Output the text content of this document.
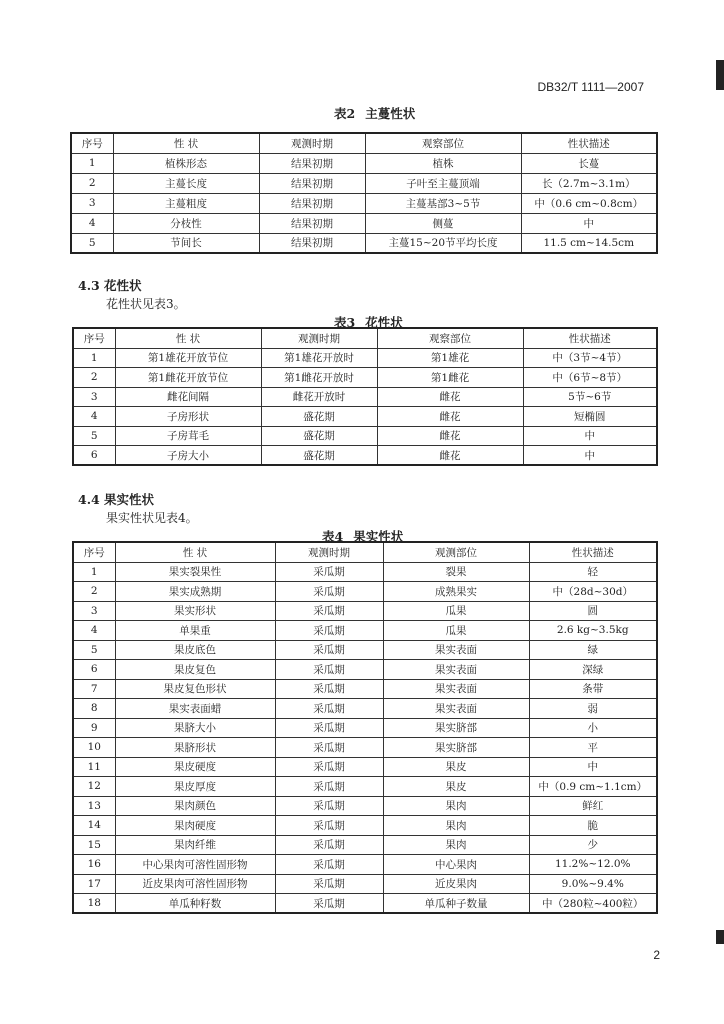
DB32/T 1111—2007
表2 主蔓性状
序号	性 状	观测时期	观察部位	性状描述
1	植株形态	结果初期	植株	长蔓
2	主蔓长度	结果初期	子叶至主蔓顶端	长（2.7m~3.1m）
3	主蔓粗度	结果初期	主蔓基部3~5节	中（0.6 cm~0.8cm）
4	分枝性	结果初期	侧蔓	中
5	节间长	结果初期	主蔓15~20节平均长度	11.5 cm~14.5cm
4.3 花性状
花性状见表3。
表3 花性状
序号	性 状	观测时期	观察部位	性状描述
1	第1雄花开放节位	第1雄花开放时	第1雄花	中（3节~4节）
2	第1雌花开放节位	第1雌花开放时	第1雌花	中（6节~8节）
3	雌花间隔	雌花开放时	雌花	5节~6节
4	子房形状	盛花期	雌花	短椭圆
5	子房茸毛	盛花期	雌花	中
6	子房大小	盛花期	雌花	中
4.4 果实性状
果实性状见表4。
表4 果实性状
序号	性 状	观测时期	观测部位	性状描述
1	果实裂果性	采瓜期	裂果	轻
2	果实成熟期	采瓜期	成熟果实	中（28d~30d）
3	果实形状	采瓜期	瓜果	圆
4	单果重	采瓜期	瓜果	2.6 kg~3.5kg
5	果皮底色	采瓜期	果实表面	绿
6	果皮复色	采瓜期	果实表面	深绿
7	果皮复色形状	采瓜期	果实表面	条带
8	果实表面蜡	采瓜期	果实表面	弱
9	果脐大小	采瓜期	果实脐部	小
10	果脐形状	采瓜期	果实脐部	平
11	果皮硬度	采瓜期	果皮	中
12	果皮厚度	采瓜期	果皮	中（0.9 cm~1.1cm）
13	果肉颜色	采瓜期	果肉	鲜红
14	果肉硬度	采瓜期	果肉	脆
15	果肉纤维	采瓜期	果肉	少
16	中心果肉可溶性固形物	采瓜期	中心果肉	11.2%~12.0%
17	近皮果肉可溶性固形物	采瓜期	近皮果肉	9.0%~9.4%
18	单瓜种籽数	采瓜期	单瓜种子数量	中（280粒~400粒）
2
